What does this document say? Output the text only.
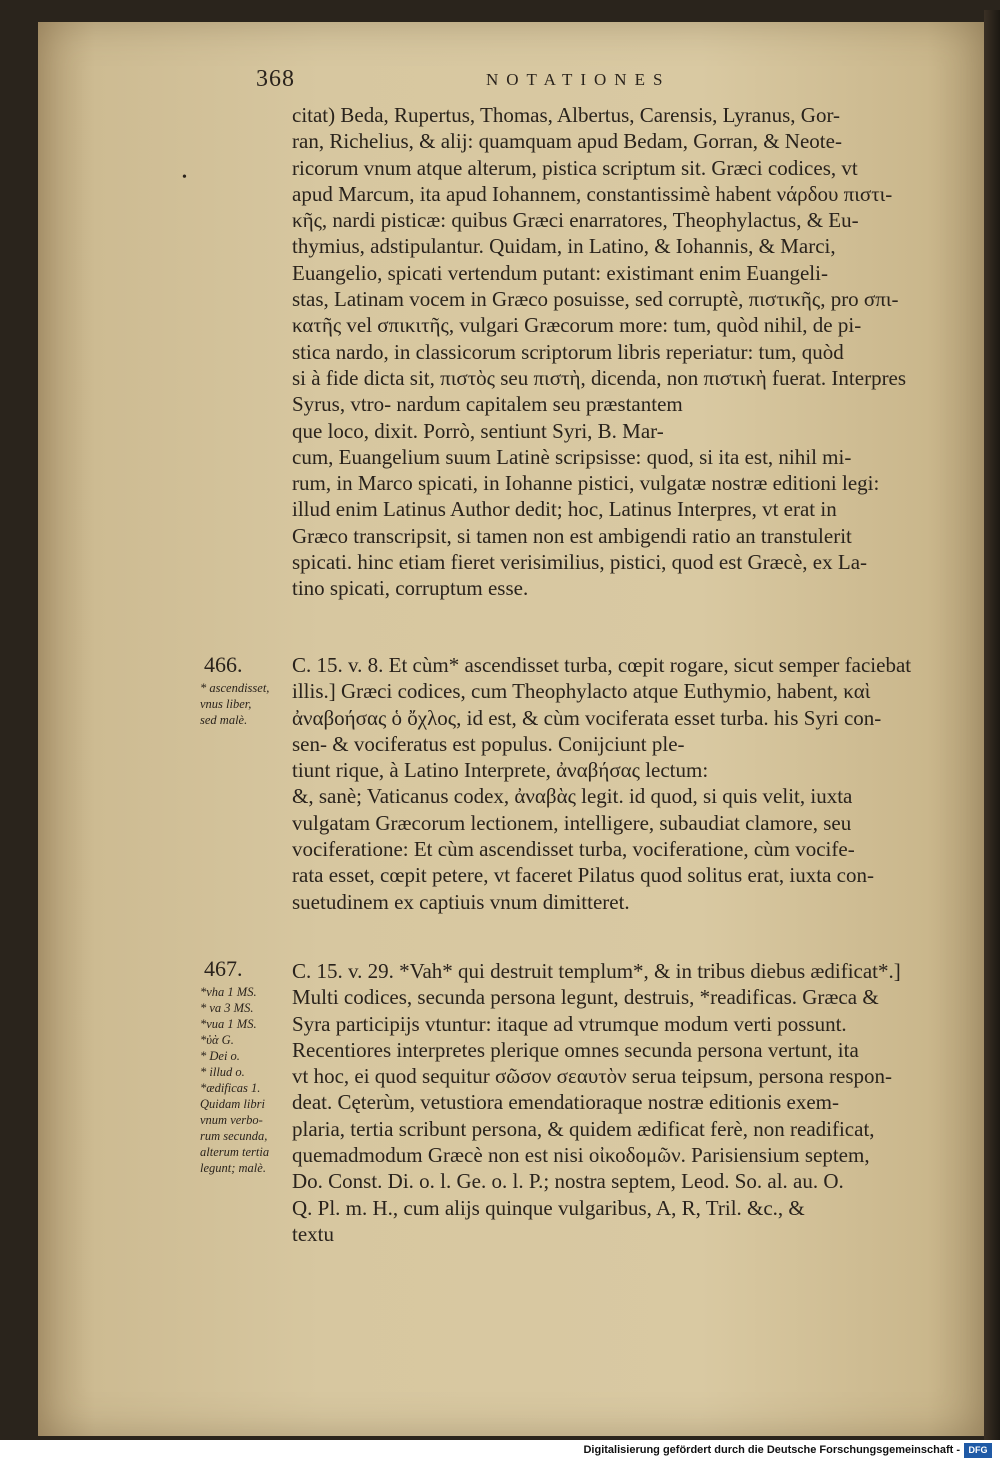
368	NOTATIONES
•
citat) Beda, Rupertus, Thomas, Albertus, Carensis, Lyranus, Gor-
ran, Richelius, & alij: quamquam apud Bedam, Gorran, & Neote-
ricorum vnum atque alterum, pistica scriptum sit. Græci codices, vt
apud Marcum, ita apud Iohannem, constantissimè habent νάρδου πιστι-
κῆς, nardi pisticæ: quibus Græci enarratores, Theophylactus, & Eu-
thymius, adstipulantur. Quidam, in Latino, & Iohannis, & Marci,
Euangelio, spicati vertendum putant: existimant enim Euangeli-
stas, Latinam vocem in Græco posuisse, sed corruptè, πιστικῆς, pro σπι-
κατῆς vel σπικιτῆς, vulgari Græcorum more: tum, quòd nihil, de pi-
stica nardo, in classicorum scriptorum libris reperiatur: tum, quòd
si à fide dicta sit, πιστὸς seu πιστὴ, dicenda, non πιστικὴ fuerat. Interpres
Syrus, vtro- nardum capitalem seu præstantem
que loco, dixit. Porrò, sentiunt Syri, B. Mar-
cum, Euangelium suum Latinè scripsisse: quod, si ita est, nihil mi-
rum, in Marco spicati, in Iohanne pistici, vulgatæ nostræ editioni legi:
illud enim Latinus Author dedit; hoc, Latinus Interpres, vt erat in
Græco transcripsit, si tamen non est ambigendi ratio an transtulerit
spicati. hinc etiam fieret verisimilius, pistici, quod est Græcè, ex La-
tino spicati, corruptum esse.
466.
* ascendisset,
vnus liber,
sed malè.
C. 15. v. 8. Et cùm* ascendisset turba, cœpit rogare, sicut semper faciebat
illis.] Græci codices, cum Theophylacto atque Euthymio, habent, καὶ
ἀναβοήσας ὁ ὄχλος, id est, & cùm vociferata esset turba. his Syri con-
sen- & vociferatus est populus. Conijciunt ple-
tiunt rique, à Latino Interprete, ἀναβήσας lectum:
&, sanè; Vaticanus codex, ἀναβὰς legit. id quod, si quis velit, iuxta
vulgatam Græcorum lectionem, intelligere, subaudiat clamore, seu
vociferatione: Et cùm ascendisset turba, vociferatione, cùm vocife-
rata esset, cœpit petere, vt faceret Pilatus quod solitus erat, iuxta con-
suetudinem ex captiuis vnum dimitteret.
467.
*vha 1 MS.
* va 3 MS.
*vua 1 MS.
*ὐὰ G.
* Dei o.
* illud o.
*ædificas 1.
Quidam libri
vnum verbo-
rum secunda,
alterum tertia
legunt; malè.
C. 15. v. 29. *Vah* qui destruit templum*, & in tribus diebus ædificat*.]
Multi codices, secunda persona legunt, destruis, *readificas. Græca &
Syra participijs vtuntur: itaque ad vtrumque modum verti possunt.
Recentiores interpretes plerique omnes secunda persona vertunt, ita
vt hoc, ei quod sequitur σῶσον σεαυτὸν serua teipsum, persona respon-
deat. Cęterùm, vetustiora emendatioraque nostræ editionis exem-
plaria, tertia scribunt persona, & quidem ædificat ferè, non readificat,
quemadmodum Græcè non est nisi οἰκοδομῶν. Parisiensium septem,
Do. Const. Di. o. l. Ge. o. l. P.; nostra septem, Leod. So. al. au. O.
Q. Pl. m. H., cum alijs quinque vulgaribus, A, R, Tril. &c., &
textu
Digitalisierung gefördert durch die Deutsche Forschungsgemeinschaft - DFG
